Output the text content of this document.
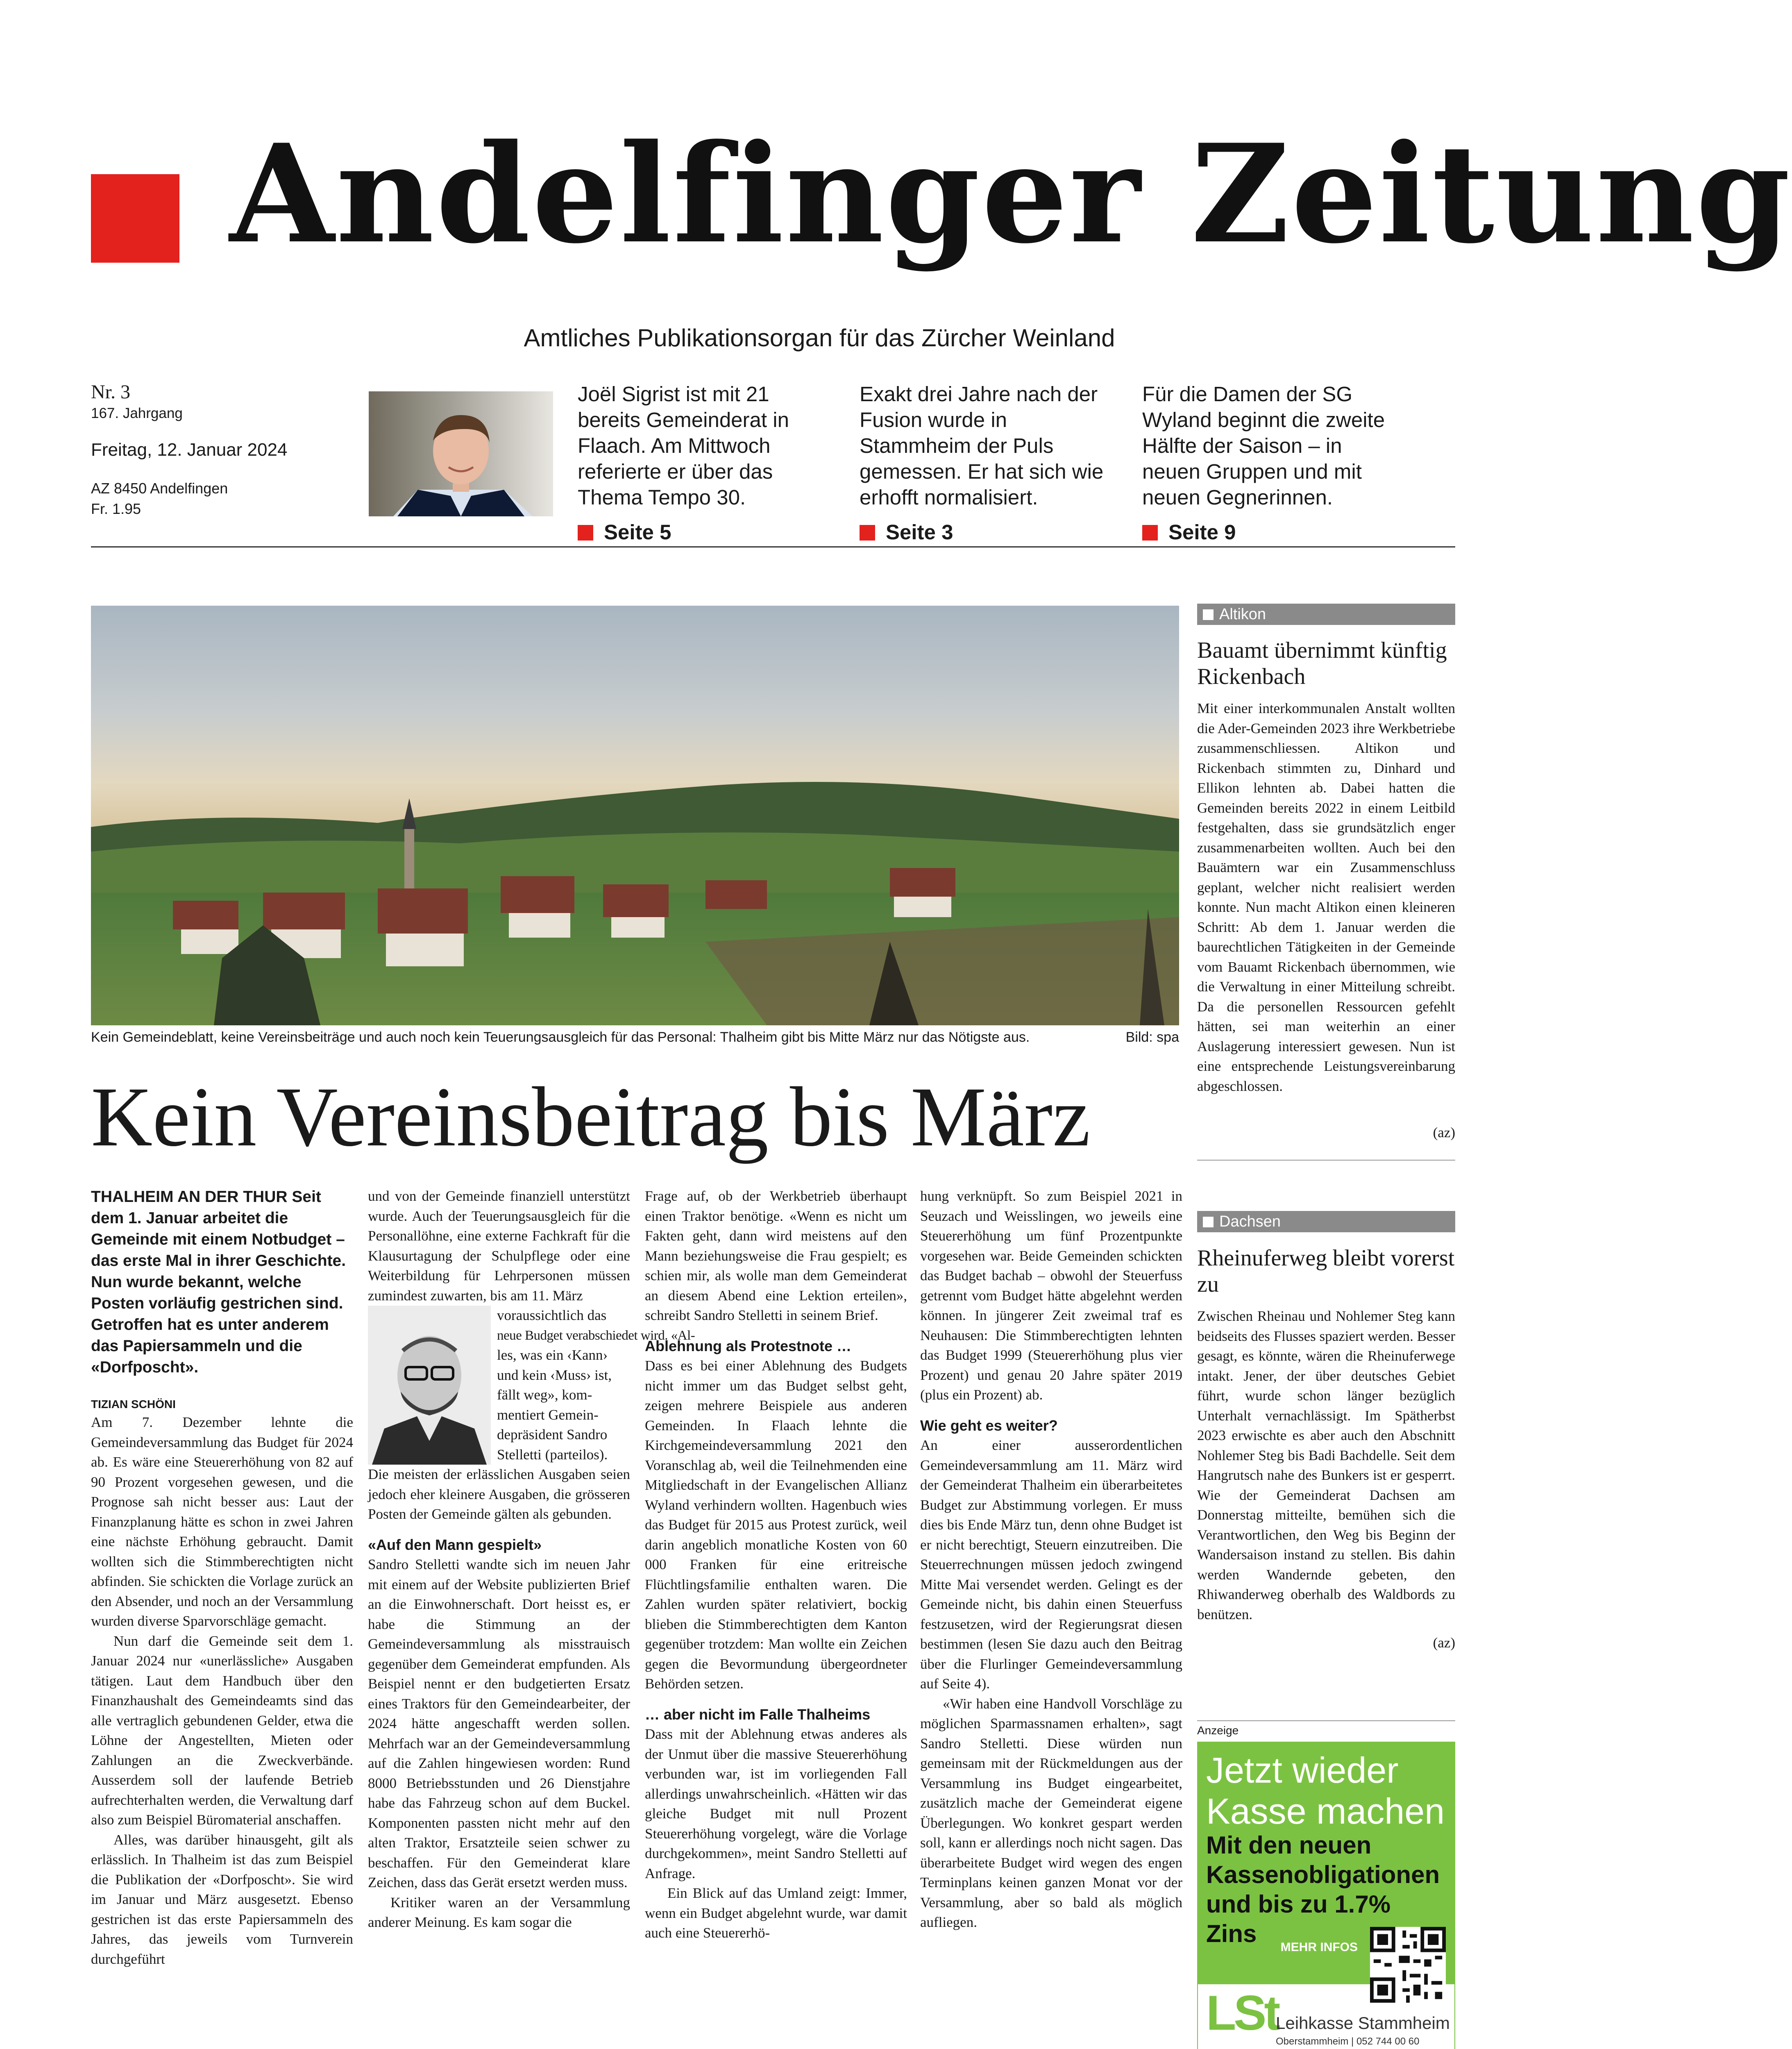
Andelfinger Zeitung
Amtliches Publikationsorgan für das Zürcher Weinland
Nr. 3
167. Jahrgang
Freitag, 12. Januar 2024
AZ 8450 Andelfingen
Fr. 1.95
Joël Sigrist ist mit 21 bereits Gemeinderat in Flaach. Am Mittwoch referierte er über das Thema Tempo 30.
Seite 5
Exakt drei Jahre nach der Fusion wurde in Stammheim der Puls gemessen. Er hat sich wie erhofft normalisiert.
Seite 3
Für die Damen der SG Wyland beginnt die zweite Hälfte der Saison – in neuen Gruppen und mit neuen Gegnerinnen.
Seite 9
Kein Gemeindeblatt, keine Vereinsbeiträge und auch noch kein Teuerungsausgleich für das Personal: Thalheim gibt bis Mitte März nur das Nötigste aus.	Bild: spa
Kein Vereinsbeitrag bis März
THALHEIM AN DER THUR Seit dem 1. Januar arbeitet die Gemeinde mit einem Notbudget – das erste Mal in ihrer Geschichte. Nun wurde bekannt, welche Posten vorläufig gestrichen sind. Getroffen hat es unter anderem das Papiersammeln und die «Dorfposcht».
TIZIAN SCHÖNI

Am 7. Dezember lehnte die Gemeindeversammlung das Budget für 2024 ab. Es wäre eine Steuererhöhung von 82 auf 90 Prozent vorgesehen gewesen, und die Prognose sah nicht besser aus: Laut der Finanzplanung hätte es schon in zwei Jahren eine nächste Erhöhung gebraucht. Damit wollten sich die Stimmberechtigten nicht abfinden. Sie schickten die Vorlage zurück an den Absender, und noch an der Versammlung wurden diverse Sparvorschläge gemacht.

Nun darf die Gemeinde seit dem 1. Januar 2024 nur «unerlässliche» Ausgaben tätigen. Laut dem Handbuch über den Finanzhaushalt des Gemeindeamts sind das alle vertraglich gebundenen Gelder, etwa die Löhne der Angestellten, Mieten oder Zahlungen an die Zweckverbände. Ausserdem soll der laufende Betrieb aufrechterhalten werden, die Verwaltung darf also zum Beispiel Büromaterial anschaffen.

Alles, was darüber hinausgeht, gilt als erlässlich. In Thalheim ist das zum Beispiel die Publikation der «Dorfposcht». Sie wird im Januar und März ausgesetzt. Ebenso gestrichen ist das erste Papiersammeln des Jahres, das jeweils vom Turnverein durchgeführt

und von der Gemeinde finanziell unterstützt wurde. Auch der Teuerungsausgleich für die Personallöhne, eine externe Fachkraft für die Klausurtagung der Schulpflege oder eine Weiterbildung für Lehrpersonen müssen zumindest zuwarten, bis am 11. März

voraussichtlich das
neue Budget verabschiedet wird. «Al-
les, was ein ‹Kann›
und kein ‹Muss› ist,
fällt weg», kom-
mentiert Gemein-
depräsident Sandro
Stelletti (parteilos).

Die meisten der erlässlichen Ausgaben seien jedoch eher kleinere Ausgaben, die grösseren Posten der Gemeinde gälten als gebunden.

«Auf den Mann gespielt»

Sandro Stelletti wandte sich im neuen Jahr mit einem auf der Website publizierten Brief an die Einwohnerschaft. Dort heisst es, er habe die Stimmung an der Gemeindeversammlung als misstrauisch gegenüber dem Gemeinderat empfunden. Als Beispiel nennt er den budgetierten Ersatz eines Traktors für den Gemeindearbeiter, der 2024 hätte angeschafft werden sollen. Mehrfach war an der Gemeindeversammlung auf die Zahlen hingewiesen worden: Rund 8000 Betriebsstunden und 26 Dienstjahre habe das Fahrzeug schon auf dem Buckel. Komponenten passten nicht mehr auf den alten Traktor, Ersatzteile seien schwer zu beschaffen. Für den Gemeinderat klare Zeichen, dass das Gerät ersetzt werden muss.

Kritiker waren an der Versammlung anderer Meinung. Es kam sogar die

Frage auf, ob der Werkbetrieb überhaupt einen Traktor benötige. «Wenn es nicht um Fakten geht, dann wird meistens auf den Mann beziehungsweise die Frau gespielt; es schien mir, als wolle man dem Gemeinderat an diesem Abend eine Lektion erteilen», schreibt Sandro Stelletti in seinem Brief.

Ablehnung als Protestnote …

Dass es bei einer Ablehnung des Budgets nicht immer um das Budget selbst geht, zeigen mehrere Beispiele aus anderen Gemeinden. In Flaach lehnte die Kirchgemeindeversammlung 2021 den Voranschlag ab, weil die Teilnehmenden eine Mitgliedschaft in der Evangelischen Allianz Wyland verhindern wollten. Hagenbuch wies das Budget für 2015 aus Protest zurück, weil darin angeblich monatliche Kosten von 60 000 Franken für eine eritreische Flüchtlingsfamilie enthalten waren. Die Zahlen wurden später relativiert, bockig blieben die Stimmberechtigten dem Kanton gegenüber trotzdem: Man wollte ein Zeichen gegen die Bevormundung übergeordneter Behörden setzen.

… aber nicht im Falle Thalheims

Dass mit der Ablehnung etwas anderes als der Unmut über die massive Steuererhöhung verbunden war, ist im vorliegenden Fall allerdings unwahrscheinlich. «Hätten wir das gleiche Budget mit null Prozent Steuererhöhung vorgelegt, wäre die Vorlage durchgekommen», meint Sandro Stelletti auf Anfrage.

Ein Blick auf das Umland zeigt: Immer, wenn ein Budget abgelehnt wurde, war damit auch eine Steuererhö-

hung verknüpft. So zum Beispiel 2021 in Seuzach und Weisslingen, wo jeweils eine Steuererhöhung um fünf Prozentpunkte vorgesehen war. Beide Gemeinden schickten das Budget bachab – obwohl der Steuerfuss getrennt vom Budget hätte abgelehnt werden können. In jüngerer Zeit zweimal traf es Neuhausen: Die Stimmberechtigten lehnten das Budget 1999 (Steuererhöhung plus vier Prozent) und genau 20 Jahre später 2019 (plus ein Prozent) ab.

Wie geht es weiter?

An einer ausserordentlichen Gemeindeversammlung am 11. März wird der Gemeinderat Thalheim ein überarbeitetes Budget zur Abstimmung vorlegen. Er muss dies bis Ende März tun, denn ohne Budget ist er nicht berechtigt, Steuern einzutreiben. Die Steuerrechnungen müssen jedoch zwingend Mitte Mai versendet werden. Gelingt es der Gemeinde nicht, bis dahin einen Steuerfuss festzusetzen, wird der Regierungsrat diesen bestimmen (lesen Sie dazu auch den Beitrag über die Flurlinger Gemeindeversammlung auf Seite 4).

«Wir haben eine Handvoll Vorschläge zu möglichen Sparmassnamen erhalten», sagt Sandro Stelletti. Diese würden nun gemeinsam mit der Rückmeldungen aus der Versammlung ins Budget eingearbeitet, zusätzlich mache der Gemeinderat eigene Überlegungen. Wo konkret gespart werden soll, kann er allerdings noch nicht sagen. Das überarbeitete Budget wird wegen des engen Terminplans keinen ganzen Monat vor der Versammlung, aber so bald als möglich aufliegen.

Altikon
Bauamt übernimmt künftig Rickenbach

Mit einer interkommunalen Anstalt wollten die Ader-Gemeinden 2023 ihre Werkbetriebe zusammenschliessen. Altikon und Rickenbach stimmten zu, Dinhard und Ellikon lehnten ab. Dabei hatten die Gemeinden bereits 2022 in einem Leitbild festgehalten, dass sie grundsätzlich enger zusammenarbeiten wollten. Auch bei den Bauämtern war ein Zusammenschluss geplant, welcher nicht realisiert werden konnte. Nun macht Altikon einen kleineren Schritt: Ab dem 1. Januar werden die baurechtlichen Tätigkeiten in der Gemeinde vom Bauamt Rickenbach übernommen, wie die Verwaltung in einer Mitteilung schreibt. Da die personellen Ressourcen gefehlt hätten, sei man weiterhin an einer Auslagerung interessiert gewesen. Nun ist eine entsprechende Leistungsvereinbarung abgeschlossen.

(az)
Dachsen
Rheinuferweg bleibt vorerst zu

Zwischen Rheinau und Nohlemer Steg kann beidseits des Flusses spaziert werden. Besser gesagt, es könnte, wären die Rheinuferwege intakt. Jener, der über deutsches Gebiet führt, wurde schon länger bezüglich Unterhalt vernachlässigt. Im Spätherbst 2023 erwischte es aber auch den Abschnitt Nohlemer Steg bis Badi Bachdelle. Seit dem Hangrutsch nahe des Bunkers ist er gesperrt. Wie der Gemeinderat Dachsen am Donnerstag mitteilte, bemühen sich die Verantwortlichen, den Weg bis Beginn der Wandersaison instand zu stellen. Bis dahin werden Wandernde gebeten, den Rhiwanderweg oberhalb des Waldbords zu benützen.

(az)
Anzeige
Jetzt wieder
Kasse machen
Mit den neuen Kassenobligationen und bis zu 1.7% Zins	MEHR INFOS
LSt
Leihkasse Stammheim
Oberstammheim | 052 744 00 60
